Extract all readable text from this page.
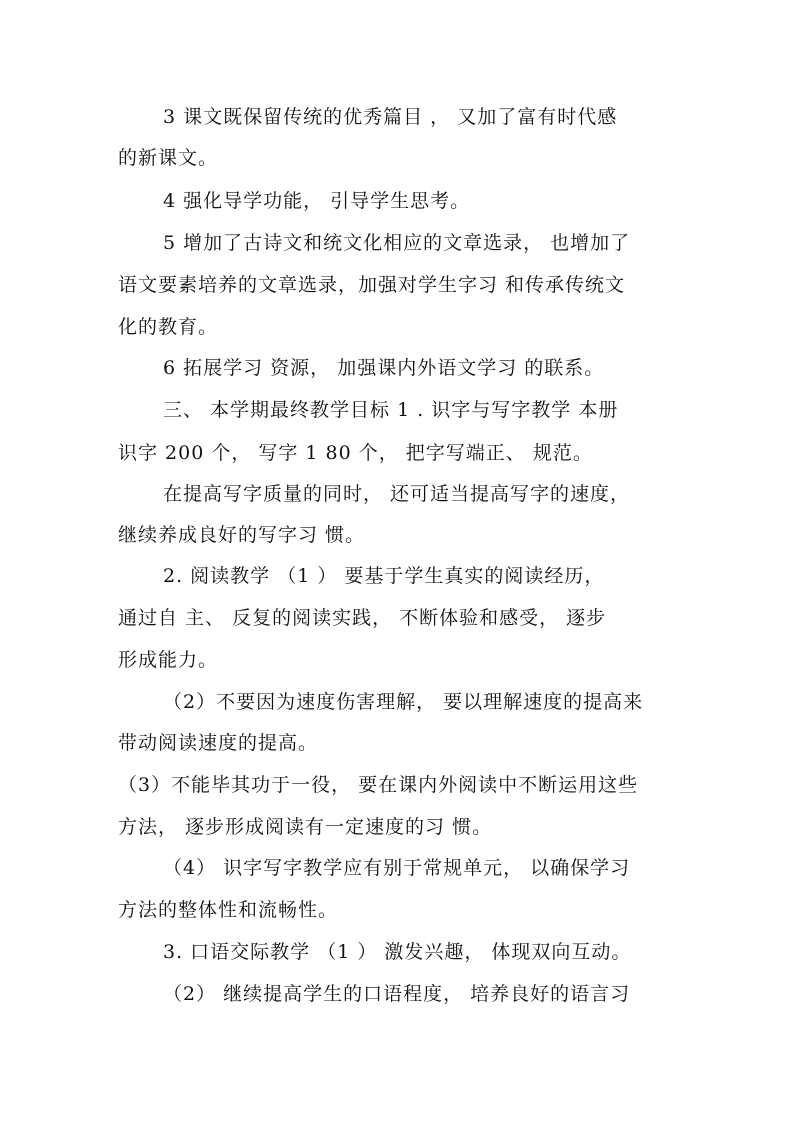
3 课文既保留传统的优秀篇目 ， 又加了富有时代感

的新课文。

4 强化导学功能， 引导学生思考。

5 增加了古诗文和统文化相应的文章选录， 也增加了

语文要素培养的文章选录，加强对学生字习 和传承传统文

化的教育。

6 拓展学习 资源， 加强课内外语文学习 的联系。

三、 本学期最终教学目标 1 . 识字与写字教学 本册

识字 200 个， 写字 1 80 个， 把字写端正、 规范。

在提高写字质量的同时， 还可适当提高写字的速度，

继续养成良好的写字习 惯。

2. 阅读教学 （1 ） 要基于学生真实的阅读经历，

通过自 主、 反复的阅读实践， 不断体验和感受， 逐步

形成能力。

（2）不要因为速度伤害理解， 要以理解速度的提高来

带动阅读速度的提高。

（3）不能毕其功于一役， 要在课内外阅读中不断运用这些

方法， 逐步形成阅读有一定速度的习 惯。

（4） 识字写字教学应有别于常规单元， 以确保学习

方法的整体性和流畅性。

3. 口语交际教学 （1 ） 激发兴趣， 体现双向互动。

（2） 继续提高学生的口语程度， 培养良好的语言习
